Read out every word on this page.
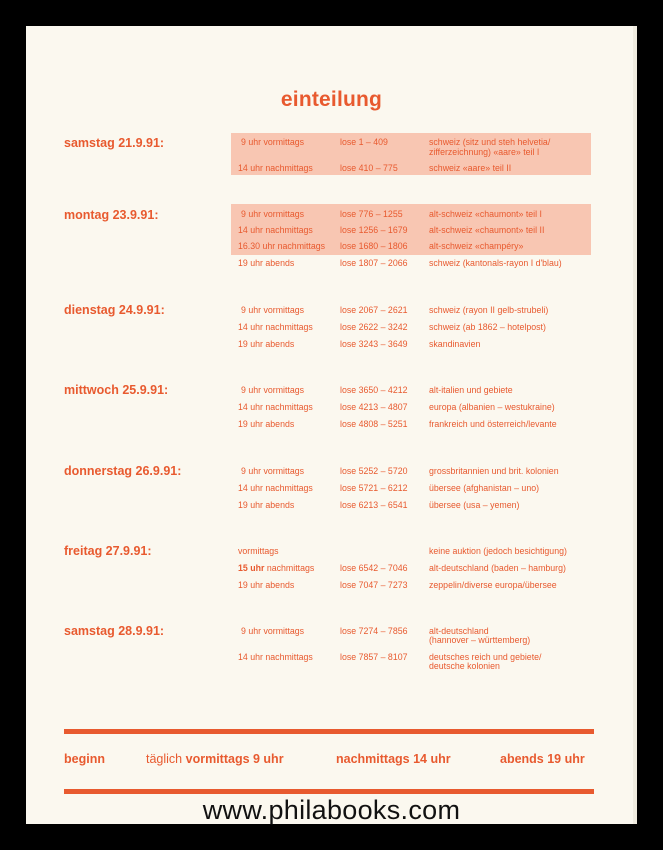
einteilung
samstag 21.9.91:	9 uhr vormittags	lose 1 – 409	schweiz (sitz und steh helvetia/
zifferzeichnung) «aare» teil I
14 uhr nachmittags	lose 410 – 775	schweiz «aare» teil II
montag 23.9.91:	9 uhr vormittags	lose 776 – 1255	alt-schweiz «chaumont» teil I
14 uhr nachmittags	lose 1256 – 1679 alt-schweiz «chaumont» teil II
16.30 uhr nachmittags lose 1680 – 1806 alt-schweiz «champéry»
19 uhr abends	lose 1807 – 2066 schweiz (kantonals-rayon I d'blau)
dienstag 24.9.91:	9 uhr vormittags	lose 2067 – 2621 schweiz (rayon II gelb-strubeli)
14 uhr nachmittags	lose 2622 – 3242 schweiz (ab 1862 – hotelpost)
19 uhr abends	lose 3243 – 3649 skandinavien
mittwoch 25.9.91:	9 uhr vormittags	lose 3650 – 4212 alt-italien und gebiete
14 uhr nachmittags	lose 4213 – 4807 europa (albanien – westukraine)
19 uhr abends	lose 4808 – 5251 frankreich und österreich/levante
donnerstag 26.9.91:	9 uhr vormittags	lose 5252 – 5720 grossbritannien und brit. kolonien
14 uhr nachmittags	lose 5721 – 6212 übersee (afghanistan – uno)
19 uhr abends	lose 6213 – 6541 übersee (usa – yemen)
freitag 27.9.91:	vormittags	keine auktion (jedoch besichtigung)
15 uhr nachmittags	lose 6542 – 7046 alt-deutschland (baden – hamburg)
19 uhr abends	lose 7047 – 7273 zeppelin/diverse europa/übersee
samstag 28.9.91:	9 uhr vormittags	lose 7274 – 7856 alt-deutschland
(hannover – württemberg)
14 uhr nachmittags	lose 7857 – 8107 deutsches reich und gebiete/
deutsche kolonien
beginn	täglich vormittags 9 uhr	nachmittags 14 uhr	abends 19 uhr
www.philabooks.com
